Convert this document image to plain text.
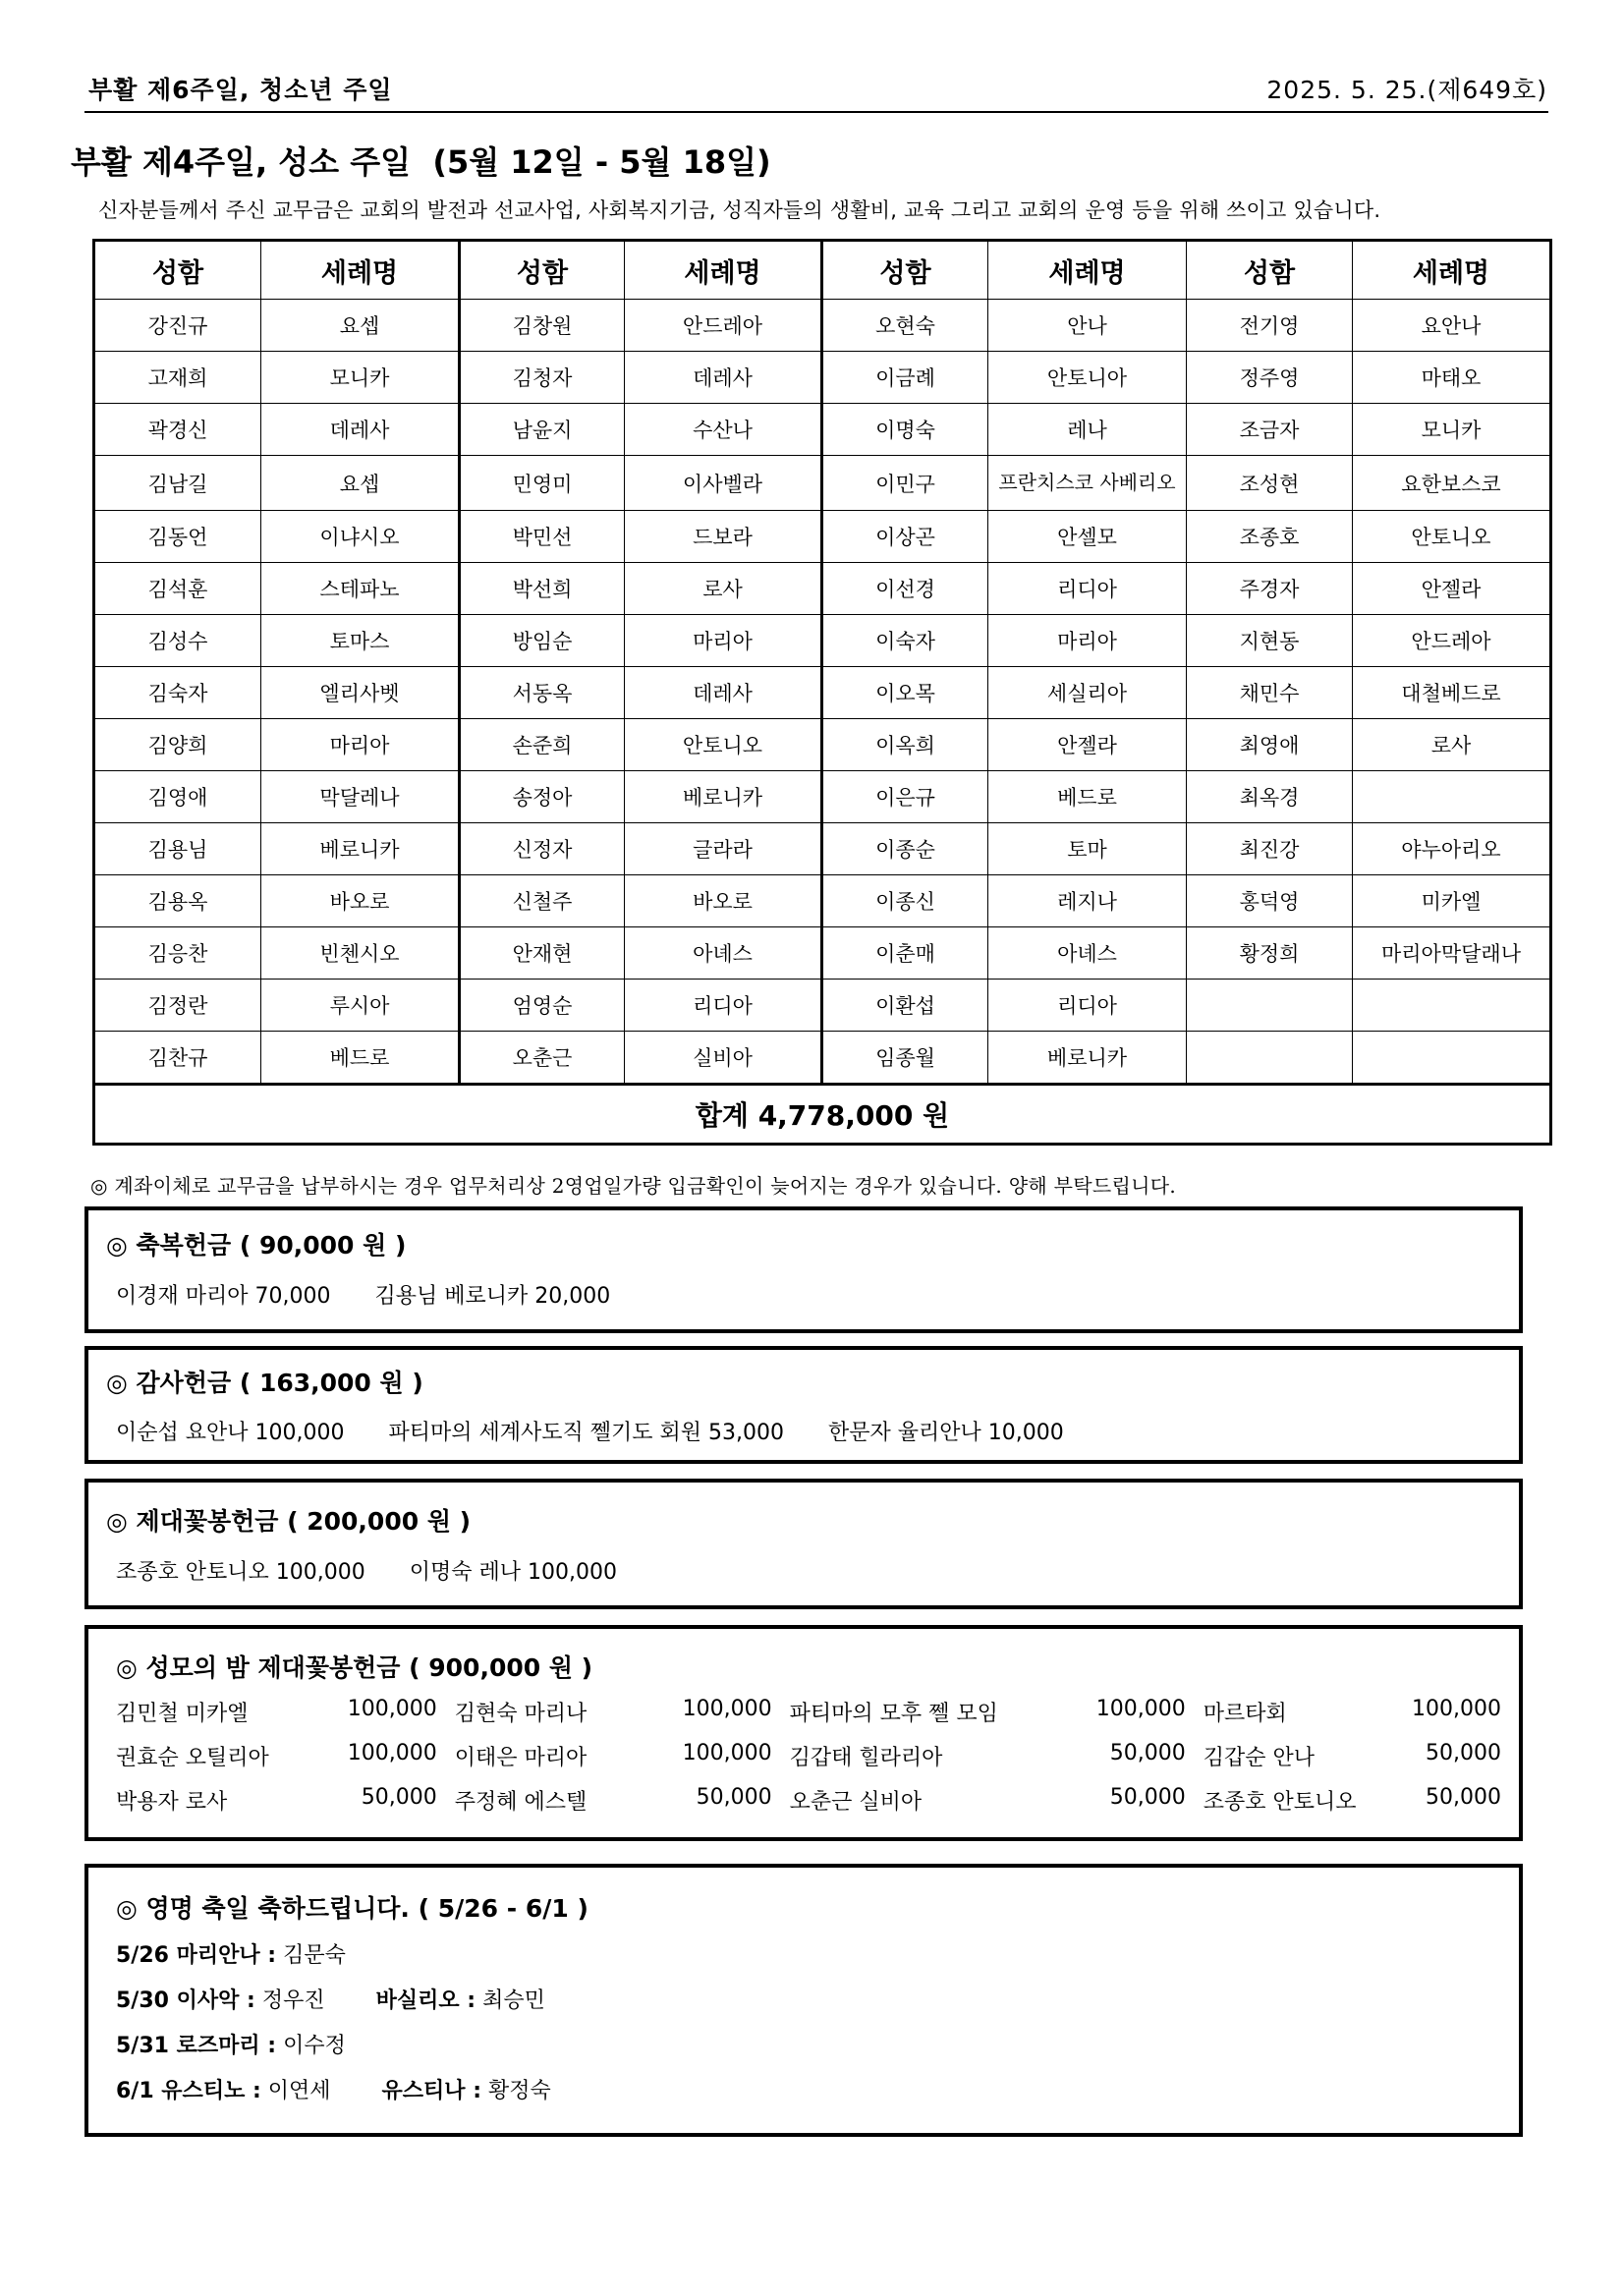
부활 제6주일, 청소년 주일	2025. 5. 25.(제649호)
부활 제4주일, 성소 주일  (5월 12일 - 5월 18일)
신자분들께서 주신 교무금은 교회의 발전과 선교사업, 사회복지기금, 성직자들의 생활비, 교육 그리고 교회의 운영 등을 위해 쓰이고 있습니다.
성함	세례명	성함	세례명	성함	세례명	성함	세례명
강진규	요셉	김창원	안드레아	오현숙	안나	전기영	요안나
고재희	모니카	김청자	데레사	이금례	안토니아	정주영	마태오
곽경신	데레사	남윤지	수산나	이명숙	레나	조금자	모니카
김남길	요셉	민영미	이사벨라	이민구	프란치스코 사베리오	조성현	요한보스코
김동언	이냐시오	박민선	드보라	이상곤	안셀모	조종호	안토니오
김석훈	스테파노	박선희	로사	이선경	리디아	주경자	안젤라
김성수	토마스	방임순	마리아	이숙자	마리아	지현동	안드레아
김숙자	엘리사벳	서동옥	데레사	이오목	세실리아	채민수	대철베드로
김양희	마리아	손준희	안토니오	이옥희	안젤라	최영애	로사
김영애	막달레나	송정아	베로니카	이은규	베드로	최옥경	
김용님	베로니카	신정자	글라라	이종순	토마	최진강	야누아리오
김용옥	바오로	신철주	바오로	이종신	레지나	홍덕영	미카엘
김응찬	빈첸시오	안재현	아녜스	이춘매	아녜스	황정희	마리아막달래나
김정란	루시아	엄영순	리디아	이환섭	리디아		
김찬규	베드로	오춘근	실비아	임종월	베로니카		
합계 4,778,000 원							
◎ 계좌이체로 교무금을 납부하시는 경우 업무처리상 2영업일가량 입금확인이 늦어지는 경우가 있습니다. 양해 부탁드립니다.
◎ 축복헌금 ( 90,000 원 )
이경재 마리아 70,000 김용님 베로니카 20,000
◎ 감사헌금 ( 163,000 원 )
이순섭 요안나 100,000 파티마의 세계사도직 쩰기도 회원 53,000 한문자 율리안나 10,000
◎ 제대꽃봉헌금 ( 200,000 원 )
조종호 안토니오 100,000 이명숙 레나 100,000
◎ 성모의 밤 제대꽃봉헌금 ( 900,000 원 )
김민철 미카엘	100,000 김현숙 마리나	100,000 파티마의 모후 쩰 모임	100,000 마르타회	100,000
권효순 오틸리아	100,000 이태은 마리아	100,000 김갑태 힐라리아	50,000 김갑순 안나	50,000
박용자 로사	50,000 주정혜 에스텔	50,000 오춘근 실비아	50,000 조종호 안토니오	50,000
◎ 영명 축일 축하드립니다. ( 5/26 - 6/1 )
5/26 마리안나 : 김문숙
5/30 이사악 : 정우진 바실리오 : 최승민
5/31 로즈마리 : 이수정
6/1 유스티노 : 이연세 유스티나 : 황정숙
